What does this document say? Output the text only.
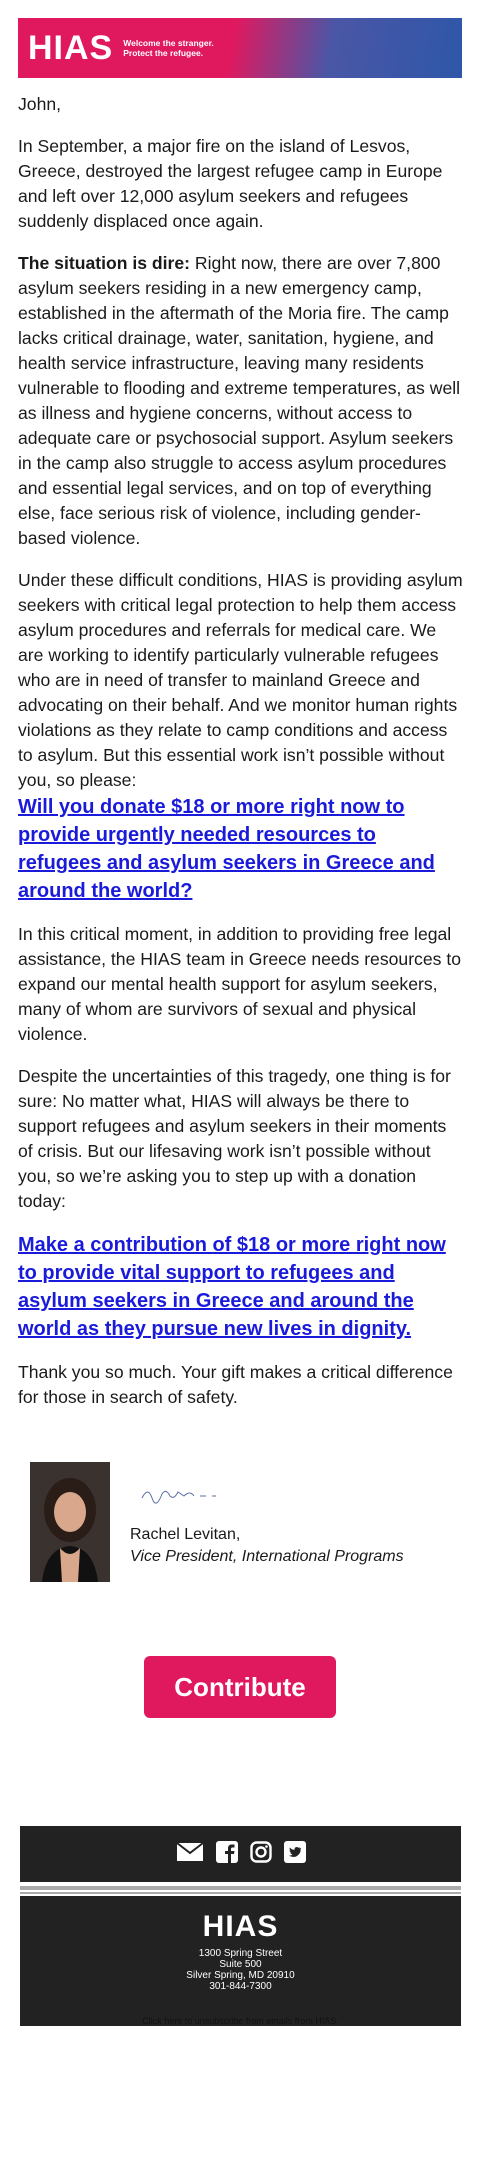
HIAS Welcome the stranger.
Protect the refugee.

John,

In September, a major fire on the island of Lesvos, Greece, destroyed the largest refugee camp in Europe and left over 12,000 asylum seekers and refugees suddenly displaced once again.

The situation is dire: Right now, there are over 7,800 asylum seekers residing in a new emergency camp, established in the aftermath of the Moria fire. The camp lacks critical drainage, water, sanitation, hygiene, and health service infrastructure, leaving many residents vulnerable to flooding and extreme temperatures, as well as illness and hygiene concerns, without access to adequate care or psychosocial support. Asylum seekers in the camp also struggle to access asylum procedures and essential legal services, and on top of everything else, face serious risk of violence, including gender-based violence.

Under these difficult conditions, HIAS is providing asylum seekers with critical legal protection to help them access asylum procedures and referrals for medical care. We are working to identify particularly vulnerable refugees who are in need of transfer to mainland Greece and advocating on their behalf. And we monitor human rights violations as they relate to camp conditions and access to asylum. But this essential work isn’t possible without you, so please:
Will you donate $18 or more right now to provide urgently needed resources to refugees and asylum seekers in Greece and around the world?

In this critical moment, in addition to providing free legal assistance, the HIAS team in Greece needs resources to expand our mental health support for asylum seekers, many of whom are survivors of sexual and physical violence.

Despite the uncertainties of this tragedy, one thing is for sure: No matter what, HIAS will always be there to support refugees and asylum seekers in their moments of crisis. But our lifesaving work isn’t possible without you, so we’re asking you to step up with a donation today:

Make a contribution of $18 or more right now to provide vital support to refugees and asylum seekers in Greece and around the world as they pursue new lives in dignity.

Thank you so much. Your gift makes a critical difference for those in search of safety.

Rachel Levitan,
Vice President, International Programs
Contribute
HIAS
1300 Spring Street
Suite 500
Silver Spring, MD 20910
301-844-7300
Click here to unsubscribe from emails from HIAS.
